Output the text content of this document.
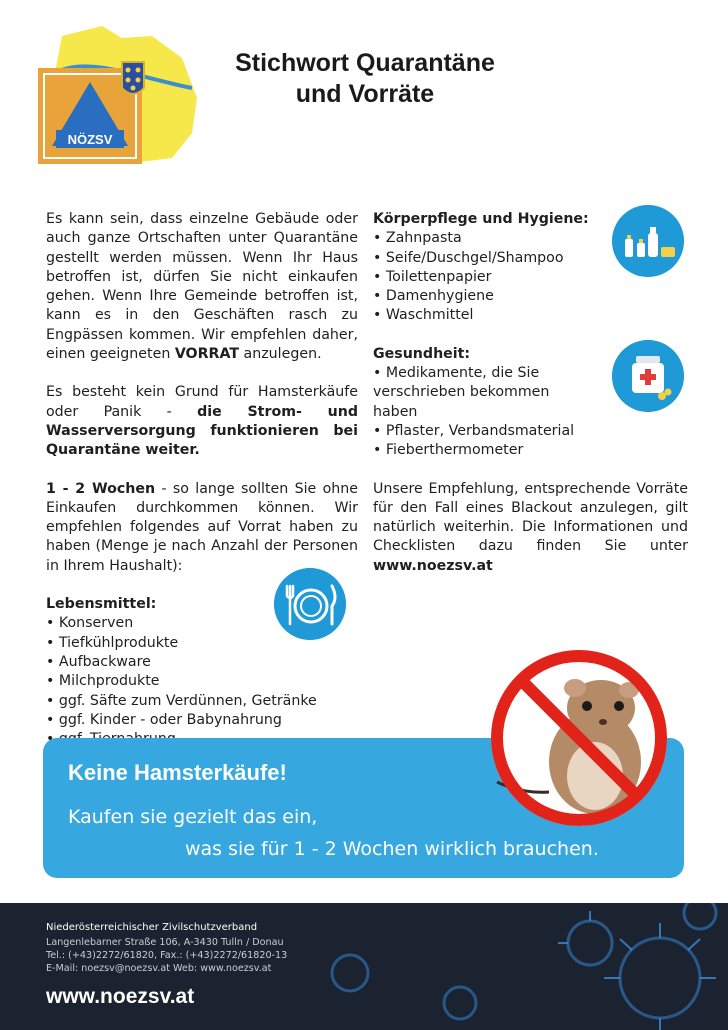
NÖZSV
Stichwort Quarantäne
und Vorräte

Es kann sein, dass einzelne Gebäude oder auch ganze Ortschaften unter Quarantäne gestellt werden müssen. Wenn Ihr Haus betroffen ist, dürfen Sie nicht einkaufen gehen. Wenn Ihre Gemeinde betroffen ist, kann es in den Geschäften rasch zu Engpässen kommen. Wir empfehlen daher, einen geeigneten VORRAT anzulegen.

Es besteht kein Grund für Hamsterkäufe oder Panik - die Strom- und Wasserversorgung funktionieren bei Quarantäne weiter.

1 - 2 Wochen - so lange sollten Sie ohne Einkaufen durchkommen können. Wir empfehlen folgendes auf Vorrat haben zu haben (Menge je nach Anzahl der Personen in Ihrem Haushalt):

Lebensmittel:
• Konserven
• Tiefkühlprodukte
• Aufbackware
• Milchprodukte
• ggf. Säfte zum Verdünnen, Getränke
• ggf. Kinder - oder Babynahrung
•
Körperpflege und Hygiene:
• Zahnpasta
• Seife/Duschgel/Shampoo
• Toilettenpapier
• Damenhygiene
• Waschmittel
Gesundheit:
• Medikamente, die Sie verschrieben bekommen haben
• Pflaster, Verbandsmaterial
• Fieberthermometer

Unsere Empfehlung, entsprechende Vorräte für den Fall eines Blackout anzulegen, gilt natürlich weiterhin. Die Informationen und Checklisten dazu finden Sie unter www.noezsv.at

Keine Hamsterkäufe!
Kaufen sie gezielt das ein,
was sie für 1 - 2 Wochen wirklich brauchen.
Niederösterreichischer Zivilschutzverband
Langenlebarner Straße 106, A-3430 Tulln / Donau
Tel.: (+43)2272/61820, Fax.: (+43)2272/61820-13
E-Mail: noezsv@noezsv.at Web: www.noezsv.at
www.noezsv.at
